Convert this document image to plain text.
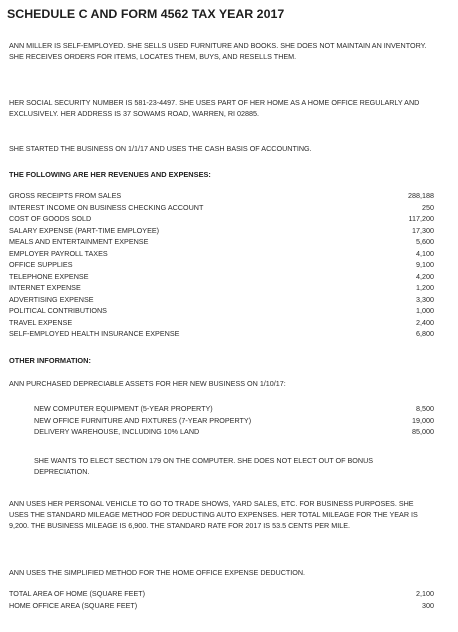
SCHEDULE C AND FORM 4562 TAX YEAR 2017

ANN MILLER IS SELF-EMPLOYED. SHE SELLS USED FURNITURE AND BOOKS. SHE DOES NOT MAINTAIN AN INVENTORY. SHE RECEIVES ORDERS FOR ITEMS, LOCATES THEM, BUYS, AND RESELLS THEM.

HER SOCIAL SECURITY NUMBER IS 581-23-4497. SHE USES PART OF HER HOME AS A HOME OFFICE REGULARLY AND EXCLUSIVELY. HER ADDRESS IS 37 SOWAMS ROAD, WARREN, RI 02885.

SHE STARTED THE BUSINESS ON 1/1/17 AND USES THE CASH BASIS OF ACCOUNTING.

THE FOLLOWING ARE HER REVENUES AND EXPENSES:
GROSS RECEIPTS FROM SALES	288,188
INTEREST INCOME ON BUSINESS CHECKING ACCOUNT	250
COST OF GOODS SOLD	117,200
SALARY EXPENSE (PART-TIME EMPLOYEE)	17,300
MEALS AND ENTERTAINMENT EXPENSE	5,600
EMPLOYER PAYROLL TAXES	4,100
OFFICE SUPPLIES	9,100
TELEPHONE EXPENSE	4,200
INTERNET EXPENSE	1,200
ADVERTISING EXPENSE	3,300
POLITICAL CONTRIBUTIONS	1,000
TRAVEL EXPENSE	2,400
SELF-EMPLOYED HEALTH INSURANCE EXPENSE	6,800
OTHER INFORMATION:

ANN PURCHASED DEPRECIABLE ASSETS FOR HER NEW BUSINESS ON 1/10/17:

NEW COMPUTER EQUIPMENT (5-YEAR PROPERTY)	8,500
NEW OFFICE FURNITURE AND FIXTURES (7-YEAR PROPERTY)	19,000
DELIVERY WAREHOUSE, INCLUDING 10% LAND	85,000

SHE WANTS TO ELECT SECTION 179 ON THE COMPUTER. SHE DOES NOT ELECT OUT OF BONUS DEPRECIATION.

ANN USES HER PERSONAL VEHICLE TO GO TO TRADE SHOWS, YARD SALES, ETC. FOR BUSINESS PURPOSES. SHE USES THE STANDARD MILEAGE METHOD FOR DEDUCTING AUTO EXPENSES. HER TOTAL MILEAGE FOR THE YEAR IS 9,200. THE BUSINESS MILEAGE IS 6,900. THE STANDARD RATE FOR 2017 IS 53.5 CENTS PER MILE.

ANN USES THE SIMPLIFIED METHOD FOR THE HOME OFFICE EXPENSE DEDUCTION.

TOTAL AREA OF HOME (SQUARE FEET)	2,100
HOME OFFICE AREA (SQUARE FEET)	300
